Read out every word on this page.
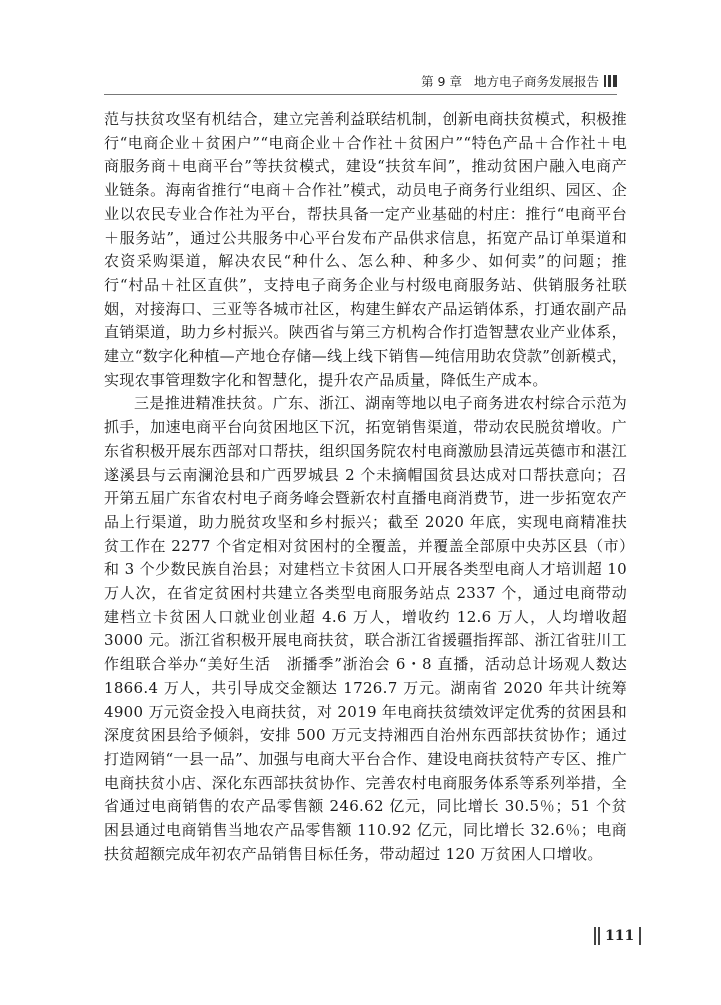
第 9 章 地方电子商务发展报告

范与扶贫攻坚有机结合，建立完善利益联结机制，创新电商扶贫模式，积极推行“电商企业＋贫困户”“电商企业＋合作社＋贫困户”“特色产品＋合作社＋电商服务商＋电商平台”等扶贫模式，建设“扶贫车间”，推动贫困户融入电商产业链条。海南省推行“电商＋合作社”模式，动员电子商务行业组织、园区、企业以农民专业合作社为平台，帮扶具备一定产业基础的村庄：推行“电商平台＋服务站”，通过公共服务中心平台发布产品供求信息，拓宽产品订单渠道和农资采购渠道，解决农民“种什么、怎么种、种多少、如何卖”的问题；推行“村品＋社区直供”，支持电子商务企业与村级电商服务站、供销服务社联姻，对接海口、三亚等各城市社区，构建生鲜农产品运销体系，打通农副产品直销渠道，助力乡村振兴。陕西省与第三方机构合作打造智慧农业产业体系，建立“数字化种植—产地仓存储—线上线下销售—纯信用助农贷款”创新模式，实现农事管理数字化和智慧化，提升农产品质量，降低生产成本。

三是推进精准扶贫。广东、浙江、湖南等地以电子商务进农村综合示范为抓手，加速电商平台向贫困地区下沉，拓宽销售渠道，带动农民脱贫增收。广东省积极开展东西部对口帮扶，组织国务院农村电商激励县清远英德市和湛江遂溪县与云南澜沧县和广西罗城县 2 个未摘帽国贫县达成对口帮扶意向；召开第五届广东省农村电子商务峰会暨新农村直播电商消费节，进一步拓宽农产品上行渠道，助力脱贫攻坚和乡村振兴；截至 2020 年底，实现电商精准扶贫工作在 2277 个省定相对贫困村的全覆盖，并覆盖全部原中央苏区县（市）和 3 个少数民族自治县；对建档立卡贫困人口开展各类型电商人才培训超 10 万人次，在省定贫困村共建立各类型电商服务站点 2337 个，通过电商带动建档立卡贫困人口就业创业超 4.6 万人，增收约 12.6 万人，人均增收超 3000 元。浙江省积极开展电商扶贫，联合浙江省援疆指挥部、浙江省驻川工作组联合举办“美好生活　浙播季”浙治会 6・8 直播，活动总计场观人数达 1866.4 万人，共引导成交金额达 1726.7 万元。湖南省 2020 年共计统筹 4900 万元资金投入电商扶贫，对 2019 年电商扶贫绩效评定优秀的贫困县和深度贫困县给予倾斜，安排 500 万元支持湘西自治州东西部扶贫协作；通过打造网销“一县一品”、加强与电商大平台合作、建设电商扶贫特产专区、推广电商扶贫小店、深化东西部扶贫协作、完善农村电商服务体系等系列举措，全省通过电商销售的农产品零售额 246.62 亿元，同比增长 30.5％；51 个贫困县通过电商销售当地农产品零售额 110.92 亿元，同比增长 32.6％；电商扶贫超额完成年初农产品销售目标任务，带动超过 120 万贫困人口增收。

111
